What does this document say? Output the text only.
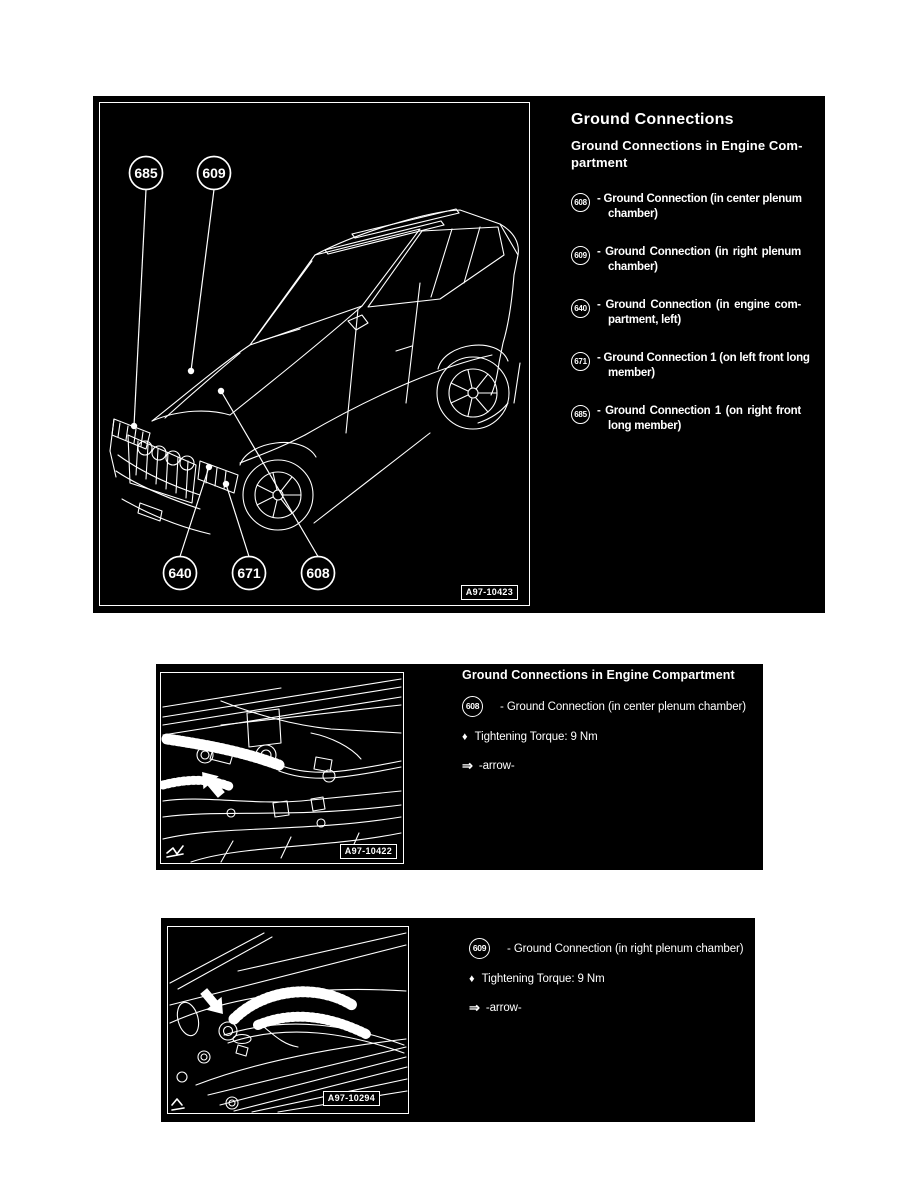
685	609
640	671	608
A97-10423
Ground Connections
Ground Connections in Engine Com-
partment
608 - Ground Connection (in center plenum
chamber)
609 - Ground Connection (in right plenum
chamber)
640 - Ground Connection (in engine com-
partment, left)
671 - Ground Connection 1 (on left front long
member)
685 - Ground Connection 1 (on right front
long member)
A97-10422
Ground Connections in Engine Compartment
608	- Ground Connection (in center plenum chamber)
♦ Tightening Torque: 9 Nm
⇒ -arrow-
A97-10294
609	- Ground Connection (in right plenum chamber)
♦ Tightening Torque: 9 Nm
⇒ -arrow-
